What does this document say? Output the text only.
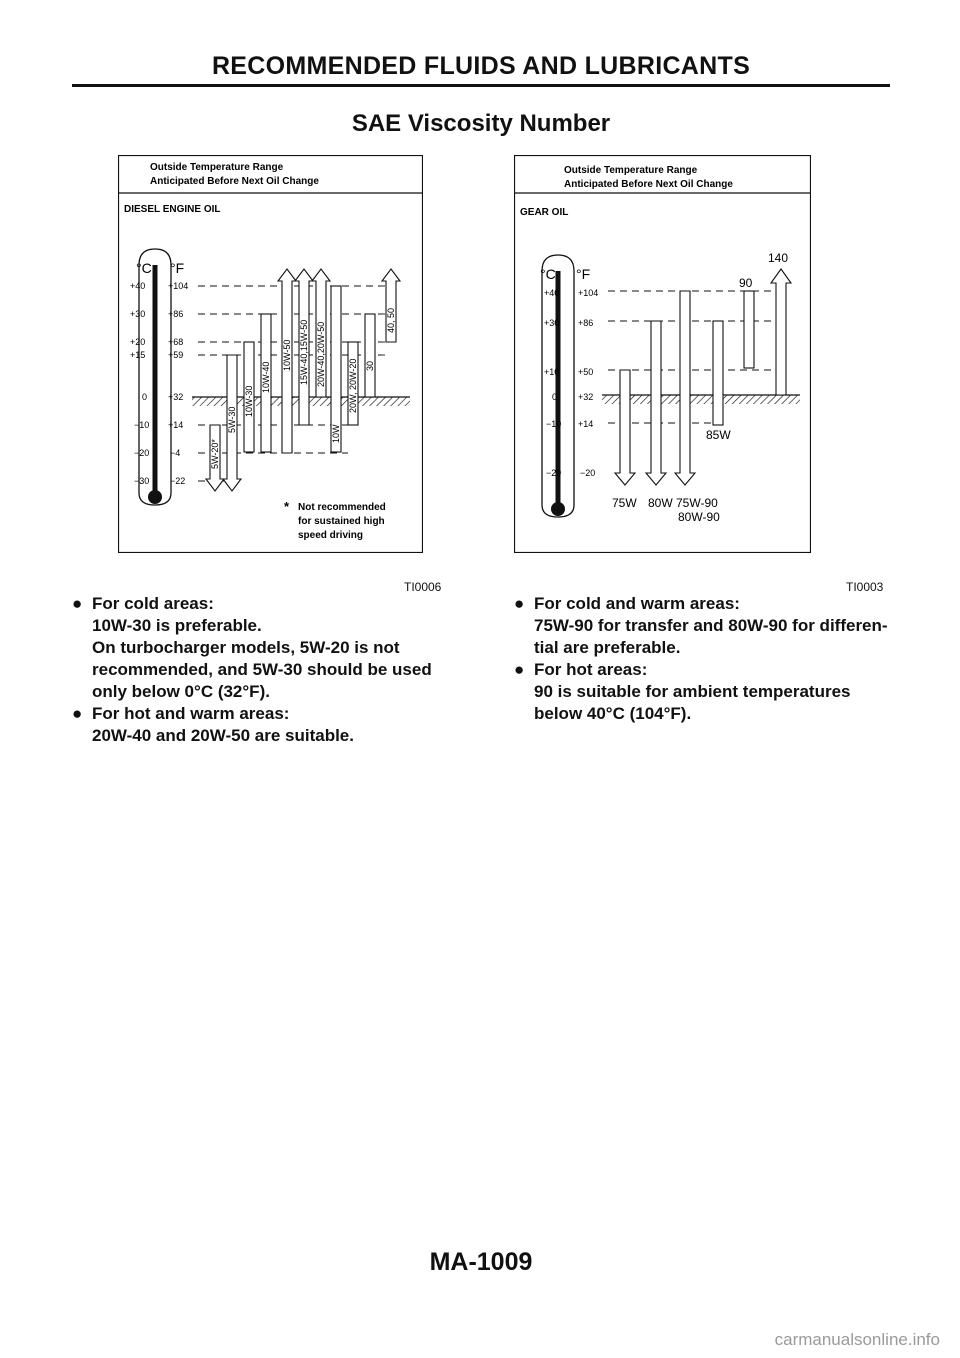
RECOMMENDED FLUIDS AND LUBRICANTS
SAE Viscosity Number
Outside Temperature Range
Anticipated Before Next Oil Change
DIESEL ENGINE OIL
°C °F
+40
+30
+20
+15
0
−10
−20
−30
+104
+86
+68
+59
+32
+14
−4
−22
5W-20*
5W-30
10W-30
10W-40
10W-50 15W-40,15W-50 20W-40,20W-50
10W
20W, 20W-20 30
40, 50
* Not recommended
for sustained high
speed driving
TI0006
Outside Temperature Range
Anticipated Before Next Oil Change
GEAR OIL
°C °F
+40
+30
+10
0
−10
−29
+104
+86
+50
+32
+14
−20
75W 80W 75W-90
80W-90
85W
90
140
TI0003
● For cold areas:
10W-30 is preferable.
On turbocharger models, 5W-20 is not
recommended, and 5W-30 should be used
only below 0°C (32°F).
● For hot and warm areas:
20W-40 and 20W-50 are suitable.
● For cold and warm areas:
75W-90 for transfer and 80W-90 for differen-
tial are preferable.
● For hot areas:
90 is suitable for ambient temperatures
below 40°C (104°F).
MA-1009
carmanualsonline.info
